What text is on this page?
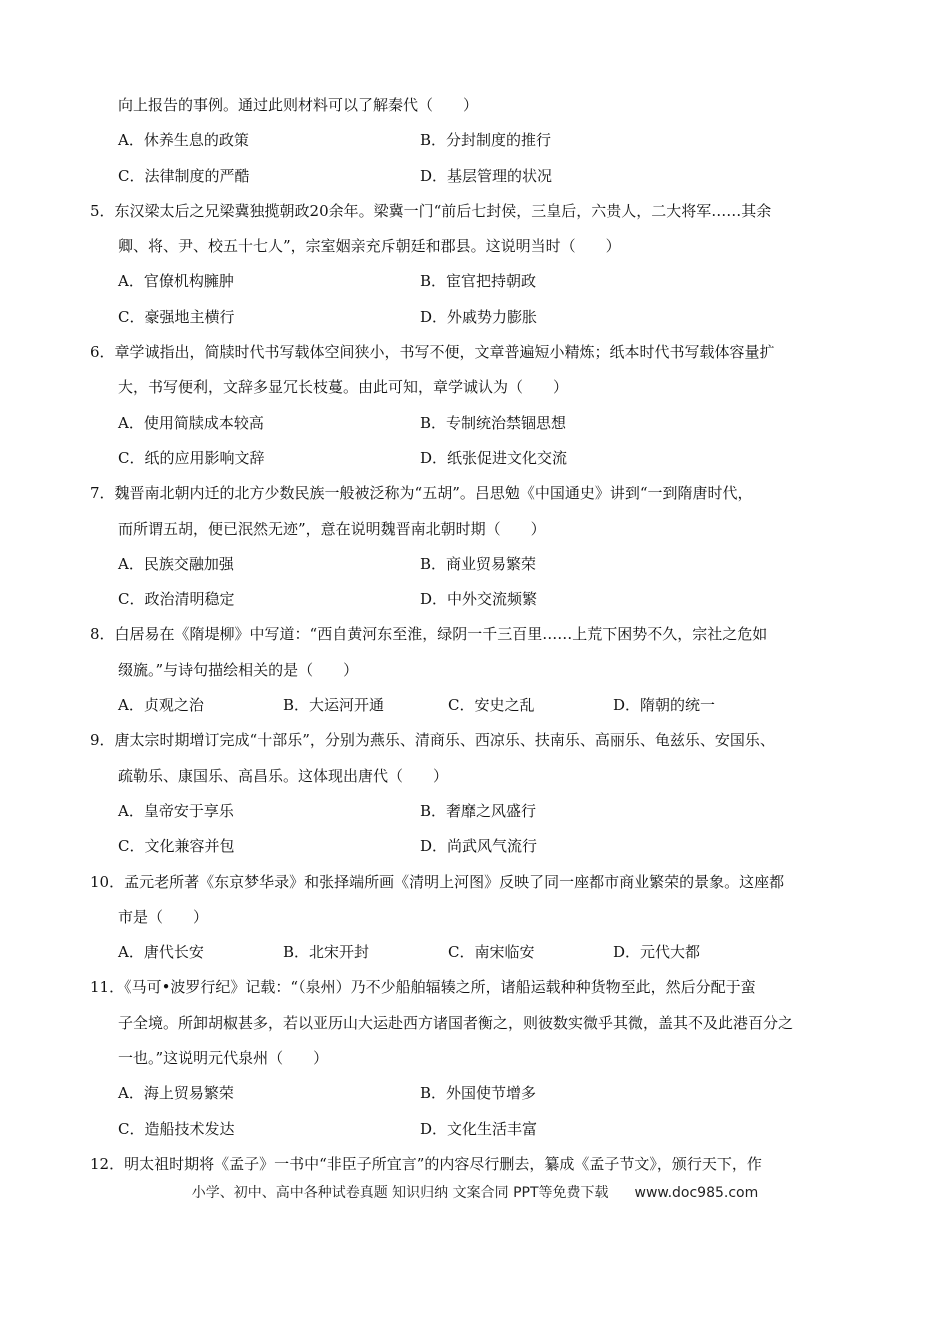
向上报告的事例。通过此则材料可以了解秦代（　　）
A．休养生息的政策	B．分封制度的推行
C．法律制度的严酷	D．基层管理的状况
5．东汉梁太后之兄梁冀独揽朝政20余年。梁冀一门“前后七封侯，三皇后，六贵人，二大将军……其余
卿、将、尹、校五十七人”，宗室姻亲充斥朝廷和郡县。这说明当时（　　）
A．官僚机构臃肿	B．宦官把持朝政
C．豪强地主横行	D．外戚势力膨胀
6．章学诚指出，简牍时代书写载体空间狭小，书写不便，文章普遍短小精炼；纸本时代书写载体容量扩
大，书写便利，文辞多显冗长枝蔓。由此可知，章学诚认为（　　）
A．使用简牍成本较高	B．专制统治禁锢思想
C．纸的应用影响文辞	D．纸张促进文化交流
7．魏晋南北朝内迁的北方少数民族一般被泛称为“五胡”。吕思勉《中国通史》讲到“一到隋唐时代，
而所谓五胡，便已泯然无迹”，意在说明魏晋南北朝时期（　　）
A．民族交融加强	B．商业贸易繁荣
C．政治清明稳定	D．中外交流频繁
8．白居易在《隋堤柳》中写道：“西自黄河东至淮，绿阴一千三百里……上荒下困势不久，宗社之危如
缀旒。”与诗句描绘相关的是（　　）
A．贞观之治	B．大运河开通	C．安史之乱	D．隋朝的统一
9．唐太宗时期增订完成“十部乐”，分别为燕乐、清商乐、西凉乐、扶南乐、高丽乐、龟兹乐、安国乐、
疏勒乐、康国乐、高昌乐。这体现出唐代（　　）
A．皇帝安于享乐	B．奢靡之风盛行
C．文化兼容并包	D．尚武风气流行
10．孟元老所著《东京梦华录》和张择端所画《清明上河图》反映了同一座都市商业繁荣的景象。这座都
市是（　　）
A．唐代长安	B．北宋开封	C．南宋临安	D．元代大都
11．《马可•波罗行纪》记载：“（泉州）乃不少船舶辐辏之所，诸船运载种种货物至此，然后分配于蛮
子全境。所卸胡椒甚多，若以亚历山大运赴西方诸国者衡之，则彼数实微乎其微，盖其不及此港百分之
一也。”这说明元代泉州（　　）
A．海上贸易繁荣	B．外国使节增多
C．造船技术发达	D．文化生活丰富
12．明太祖时期将《孟子》一书中“非臣子所宜言”的内容尽行删去，纂成《孟子节文》，颁行天下，作
小学、初中、高中各种试卷真题 知识归纳 文案合同 PPT等免费下载 www.doc985.com
